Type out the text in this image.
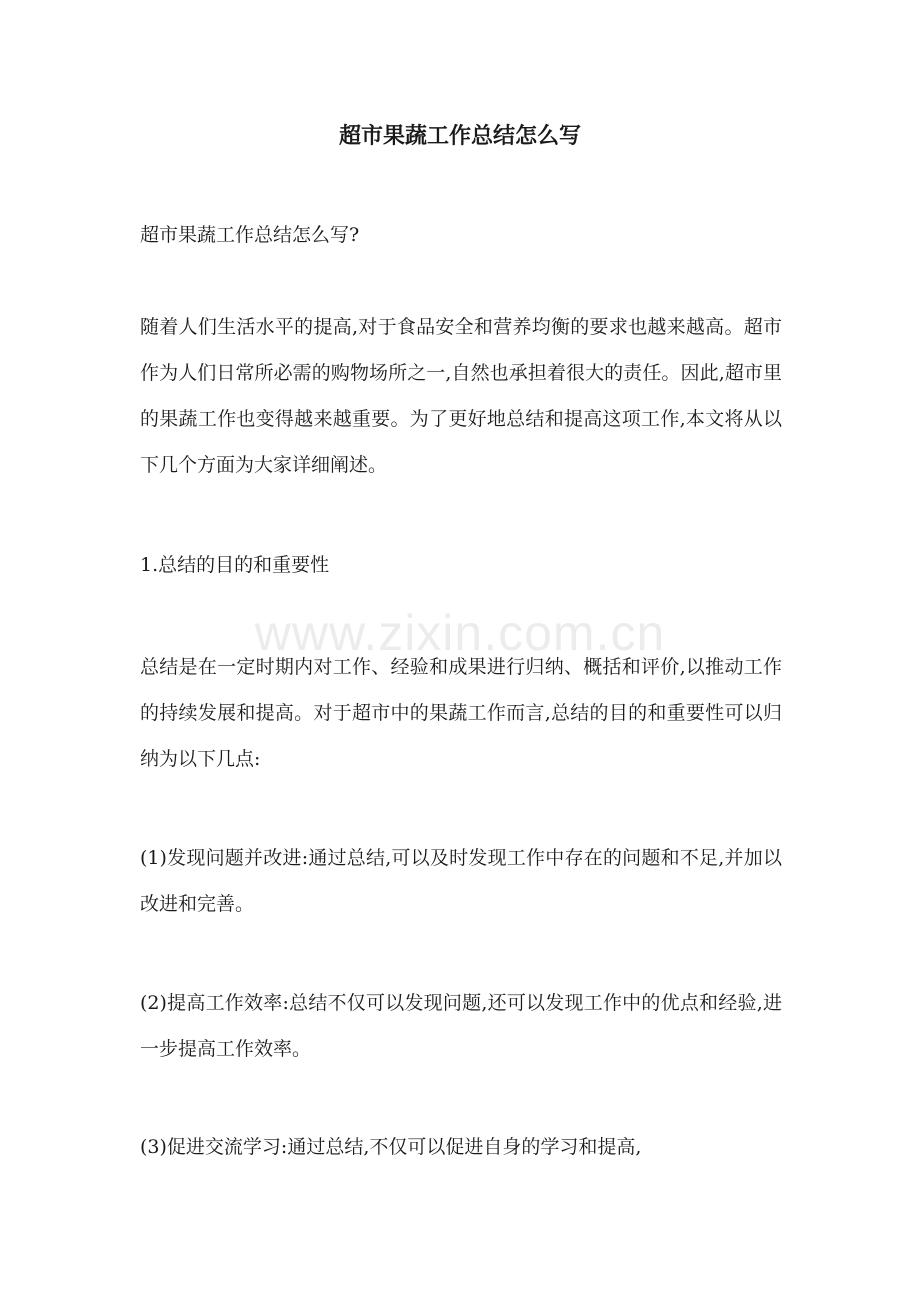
超市果蔬工作总结怎么写

超市果蔬工作总结怎么写?

随着人们生活水平的提高,对于食品安全和营养均衡的要求也越来越高。超市作为人们日常所必需的购物场所之一,自然也承担着很大的责任。因此,超市里的果蔬工作也变得越来越重要。为了更好地总结和提高这项工作,本文将从以下几个方面为大家详细阐述。

1.总结的目的和重要性

www.zixin.com.cn

总结是在一定时期内对工作、经验和成果进行归纳、概括和评价,以推动工作的持续发展和提高。对于超市中的果蔬工作而言,总结的目的和重要性可以归纳为以下几点:

(1)发现问题并改进:通过总结,可以及时发现工作中存在的问题和不足,并加以改进和完善。

(2)提高工作效率:总结不仅可以发现问题,还可以发现工作中的优点和经验,进一步提高工作效率。

(3)促进交流学习:通过总结,不仅可以促进自身的学习和提高,
